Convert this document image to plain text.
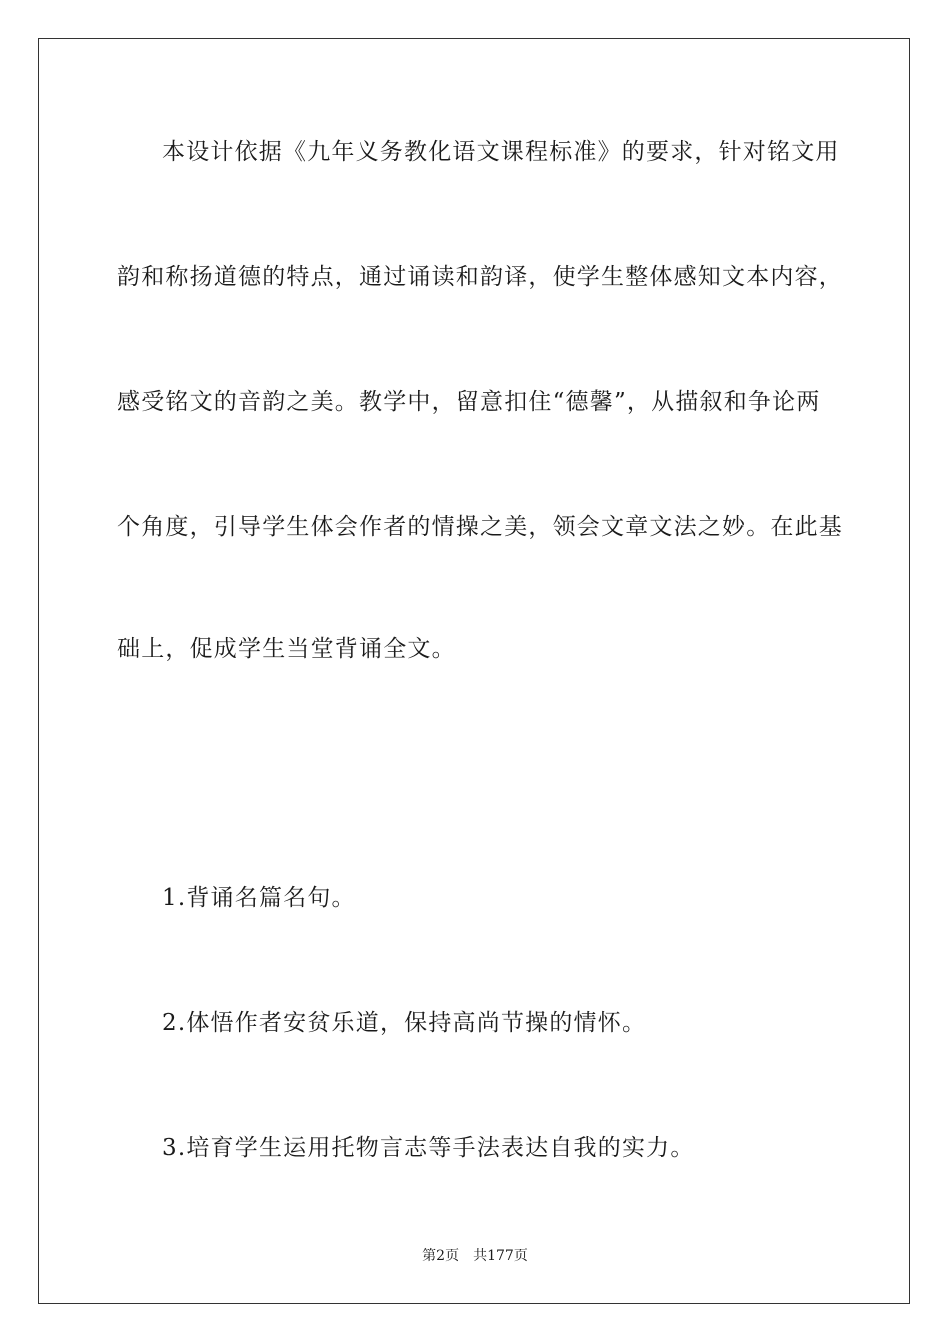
本设计依据《九年义务教化语文课程标准》的要求，针对铭文用
韵和称扬道德的特点，通过诵读和韵译，使学生整体感知文本内容，
感受铭文的音韵之美。教学中，留意扣住“德馨”，从描叙和争论两
个角度，引导学生体会作者的情操之美，领会文章文法之妙。在此基
础上，促成学生当堂背诵全文。
1.背诵名篇名句。
2.体悟作者安贫乐道，保持高尚节操的情怀。
3.培育学生运用托物言志等手法表达自我的实力。
第2页 共177页
